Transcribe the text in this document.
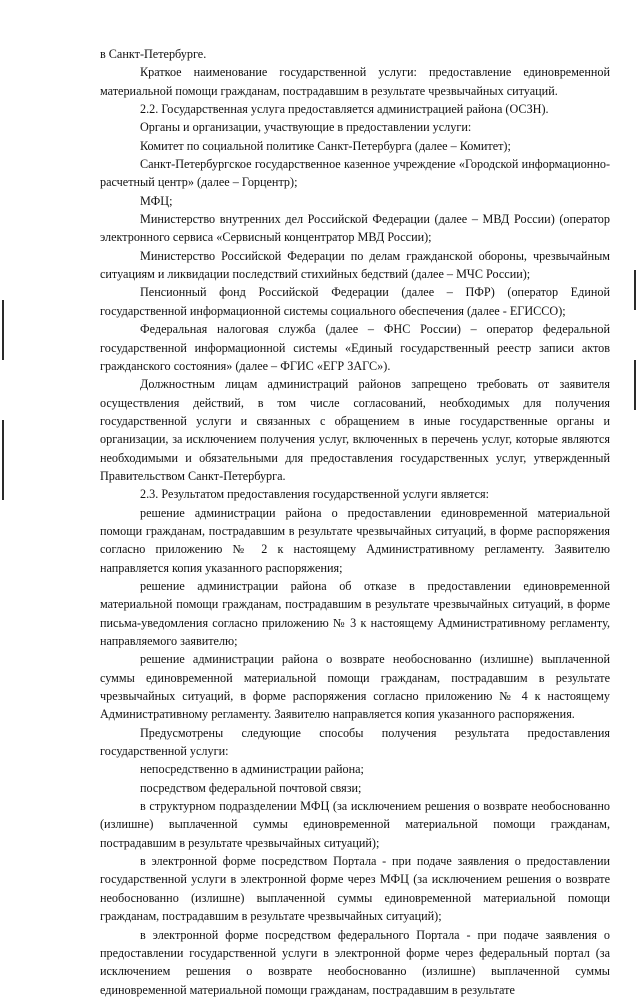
в Санкт-Петербурге.

Краткое наименование государственной услуги: предоставление единовременной материальной помощи гражданам, пострадавшим в результате чрезвычайных ситуаций.

2.2. Государственная услуга предоставляется администрацией района (ОСЗН).

Органы и организации, участвующие в предоставлении услуги:

Комитет по социальной политике Санкт-Петербурга (далее – Комитет);

Санкт-Петербургское государственное казенное учреждение «Городской информационно-расчетный центр» (далее – Горцентр);

МФЦ;

Министерство внутренних дел Российской Федерации (далее – МВД России) (оператор электронного сервиса «Сервисный концентратор МВД России);

Министерство Российской Федерации по делам гражданской обороны, чрезвычайным ситуациям и ликвидации последствий стихийных бедствий (далее – МЧС России);

Пенсионный фонд Российской Федерации (далее – ПФР) (оператор Единой государственной информационной системы социального обеспечения (далее - ЕГИССО);

Федеральная налоговая служба (далее – ФНС России) – оператор федеральной государственной информационной системы «Единый государственный реестр записи актов гражданского состояния» (далее – ФГИС «ЕГР ЗАГС»).

Должностным лицам администраций районов запрещено требовать от заявителя осуществления действий, в том числе согласований, необходимых для получения государственной услуги и связанных с обращением в иные государственные органы и организации, за исключением получения услуг, включенных в перечень услуг, которые являются необходимыми и обязательными для предоставления государственных услуг, утвержденный Правительством Санкт-Петербурга.

2.3. Результатом предоставления государственной услуги является:

решение администрации района о предоставлении единовременной материальной помощи гражданам, пострадавшим в результате чрезвычайных ситуаций, в форме распоряжения согласно приложению № 2 к настоящему Административному регламенту. Заявителю направляется копия указанного распоряжения;

решение администрации района об отказе в предоставлении единовременной материальной помощи гражданам, пострадавшим в результате чрезвычайных ситуаций, в форме письма-уведомления согласно приложению № 3 к настоящему Административному регламенту, направляемого заявителю;

решение администрации района о возврате необоснованно (излишне) выплаченной суммы единовременной материальной помощи гражданам, пострадавшим в результате чрезвычайных ситуаций, в форме распоряжения согласно приложению № 4 к настоящему Административному регламенту. Заявителю направляется копия указанного распоряжения.

Предусмотрены следующие способы получения результата предоставления государственной услуги:

непосредственно в администрации района;

посредством федеральной почтовой связи;

в структурном подразделении МФЦ (за исключением решения о возврате необоснованно (излишне) выплаченной суммы единовременной материальной помощи гражданам, пострадавшим в результате чрезвычайных ситуаций);

в электронной форме посредством Портала - при подаче заявления о предоставлении государственной услуги в электронной форме через МФЦ (за исключением решения о возврате необоснованно (излишне) выплаченной суммы единовременной материальной помощи гражданам, пострадавшим в результате чрезвычайных ситуаций);

в электронной форме посредством федерального Портала - при подаче заявления о предоставлении государственной услуги в электронной форме через федеральный портал (за исключением решения о возврате необоснованно (излишне) выплаченной суммы единовременной материальной помощи гражданам, пострадавшим в результате
